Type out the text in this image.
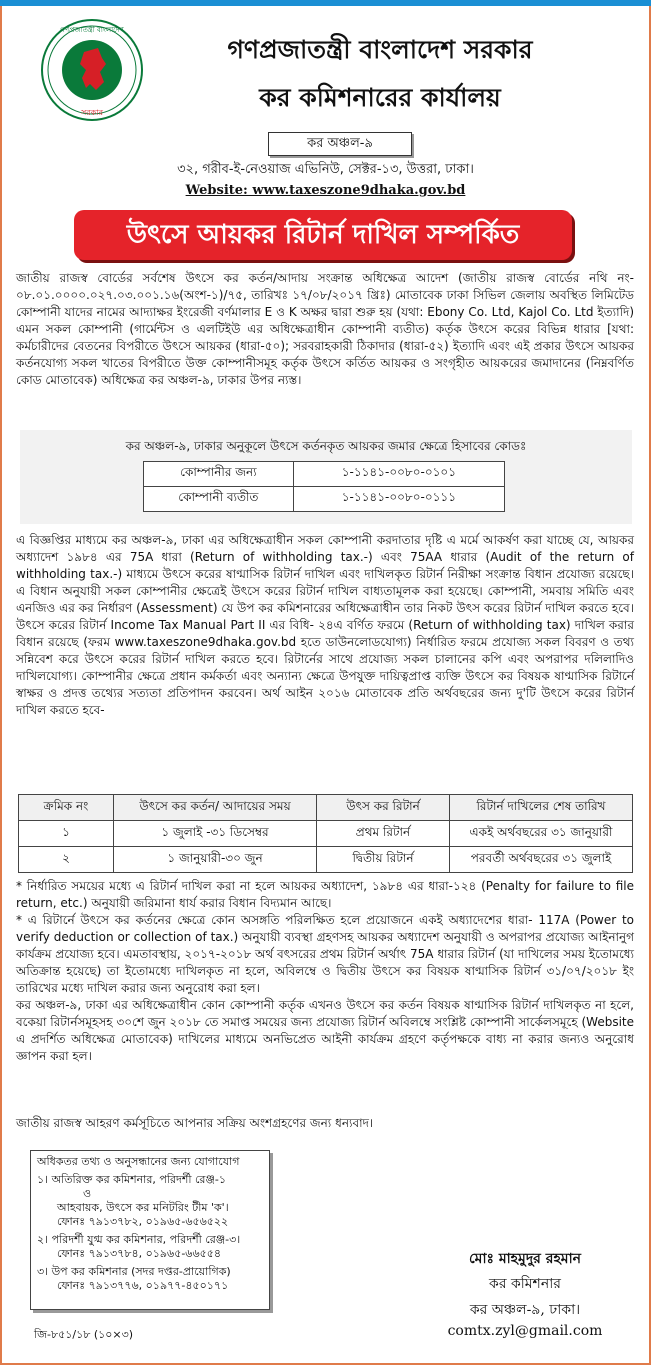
গণপ্রজাতন্ত্রী বাংলাদেশ
সরকার
গণপ্রজাতন্ত্রী বাংলাদেশ সরকার
কর কমিশনারের কার্যালয়
কর অঞ্চল-৯
৩২, গরীব-ই-নেওয়াজ এভিনিউ, সেক্টর-১৩, উত্তরা, ঢাকা।
Website: www.taxeszone9dhaka.gov.bd
উৎসে আয়কর রিটার্ন দাখিল সম্পর্কিত
জাতীয় রাজস্ব বোর্ডের সর্বশেষ উৎসে কর কর্তন/আদায় সংক্রান্ত অধিক্ষেত্র আদেশ (জাতীয় রাজস্ব বোর্ডের নথি নং- ০৮.০১.০০০০.০২৭.০৩.০০১.১৬(অংশ-১)/৭৫, তারিখঃ ১৭/০৮/২০১৭ খ্রিঃ) মোতাবেক ঢাকা সিভিল জেলায় অবস্থিত লিমিটেড কোম্পানী যাদের নামের আদ্যাক্ষর ইংরেজী বর্ণমালার E ও K অক্ষর দ্বারা শুরু হয় (যথা: Ebony Co. Ltd, Kajol Co. Ltd ইত্যাদি) এমন সকল কোম্পানী (গার্মেন্টস ও এলটিইউ এর অধিক্ষেত্রাধীন কোম্পানী ব্যতীত) কর্তৃক উৎসে করের বিভিন্ন ধারার [যথা: কর্মচারীদের বেতনের বিপরীতে উৎসে আয়কর (ধারা-৫০); সরবরাহকারী ঠিকাদার (ধারা-৫২) ইত্যাদি এবং এই প্রকার উৎসে আয়কর কর্তনযোগ্য সকল খাতের বিপরীতে উক্ত কোম্পানীসমূহ কর্তৃক উৎসে কর্তিত আয়কর ও সংগৃহীত আয়করের জমাদানের (নিম্নবর্ণিত কোড মোতাবেক) অধিক্ষেত্র কর অঞ্চল-৯, ঢাকার উপর ন্যস্ত।
কর অঞ্চল-৯, ঢাকার অনুকূলে উৎসে কর্তনকৃত আয়কর জমার ক্ষেত্রে হিসাবের কোডঃ
কোম্পানীর জন্য	১-১১৪১-০০৮০-০১০১
কোম্পানী ব্যতীত	১-১১৪১-০০৮০-০১১১
এ বিজ্ঞপ্তির মাধ্যমে কর অঞ্চল-৯, ঢাকা এর অধিক্ষেত্রাধীন সকল কোম্পানী করদাতার দৃষ্টি এ মর্মে আকর্ষণ করা যাচ্ছে যে, আয়কর অধ্যাদেশ ১৯৮৪ এর 75A ধারা (Return of withholding tax.-) এবং 75AA ধারার (Audit of the return of withholding tax.-) মাধ্যমে উৎসে করের ষাণ্মাসিক রিটার্ন দাখিল এবং দাখিলকৃত রিটার্ন নিরীক্ষা সংক্রান্ত বিধান প্রযোজ্য রয়েছে। এ বিধান অনুযায়ী সকল কোম্পানীর ক্ষেত্রেই উৎসে করের রিটার্ন দাখিল বাধ্যতামূলক করা হয়েছে। কোম্পানী, সমবায় সমিতি এবং এনজিও এর কর নির্ধারণ (Assessment) যে উপ কর কমিশনারের অধিক্ষেত্রাধীন তার নিকট উৎস করের রিটার্ন দাখিল করতে হবে। উৎসে করের রিটার্ন Income Tax Manual Part II এর বিধি- ২৪এ বর্ণিত ফরমে (Return of withholding tax) দাখিল করার বিধান রয়েছে (ফরম www.taxeszone9dhaka.gov.bd হতে ডাউনলোডযোগ্য) নির্ধারিত ফরমে প্রযোজ্য সকল বিবরণ ও তথ্য সন্নিবেশ করে উৎসে করের রিটার্ন দাখিল করতে হবে। রিটার্নের সাথে প্রযোজ্য সকল চালানের কপি এবং অপরাপর দলিলাদিও দাখিলযোগ্য। কোম্পানীর ক্ষেত্রে প্রধান কর্মকর্তা এবং অন্যান্য ক্ষেত্রে উপযুক্ত দায়িত্বপ্রাপ্ত ব্যক্তি উৎসে কর বিষয়ক ষাণ্মাসিক রিটার্নে স্বাক্ষর ও প্রদত্ত তথ্যের সত্যতা প্রতিপাদন করবেন। অর্থ আইন ২০১৬ মোতাবেক প্রতি অর্থবছরের জন্য দু'টি উৎসে করের রিটার্ন দাখিল করতে হবে-
ক্রমিক নং	উৎসে কর কর্তন/ আদায়ের সময়	উৎস কর রিটার্ন	রিটার্ন দাখিলের শেষ তারিখ
১	১ জুলাই -৩১ ডিসেম্বর	প্রথম রিটার্ন	একই অর্থবছরের ৩১ জানুয়ারী
২	১ জানুয়ারী-৩০ জুন	দ্বিতীয় রিটার্ন	পরবর্তী অর্থবছরের ৩১ জুলাই
* নির্ধারিত সময়ের মধ্যে এ রিটার্ন দাখিল করা না হলে আয়কর অধ্যাদেশ, ১৯৮৪ এর ধারা-১২৪ (Penalty for failure to file return, etc.) অনুযায়ী জরিমানা ধার্য করার বিধান বিদ্যমান আছে।
* এ রিটার্নে উৎসে কর কর্তনের ক্ষেত্রে কোন অসঙ্গতি পরিলক্ষিত হলে প্রয়োজনে একই অধ্যাদেশের ধারা- 117A (Power to verify deduction or collection of tax.) অনুযায়ী ব্যবস্থা গ্রহণসহ আয়কর অধ্যাদেশ অনুযায়ী ও অপরাপর প্রযোজ্য আইনানুগ কার্যক্রম প্রযোজ্য হবে। এমতাবস্থায়, ২০১৭-২০১৮ অর্থ বৎসরের প্রথম রিটার্ন অর্থাৎ 75A ধারার রিটার্ন (যা দাখিলের সময় ইতোমধ্যে অতিক্রান্ত হয়েছে) তা ইতোমধ্যে দাখিলকৃত না হলে, অবিলম্বে ও দ্বিতীয় উৎসে কর বিষয়ক ষাণ্মাসিক রিটার্ন ৩১/০৭/২০১৮ ইং তারিখের মধ্যে দাখিল করার জন্য অনুরোধ করা হল।
কর অঞ্চল-৯, ঢাকা এর অধিক্ষেত্রাধীন কোন কোম্পানী কর্তৃক এখনও উৎসে কর কর্তন বিষয়ক ষাণ্মাসিক রিটার্ন দাখিলকৃত না হলে, বকেয়া রিটার্নসমূহসহ ৩০শে জুন ২০১৮ তে সমাপ্ত সময়ের জন্য প্রযোজ্য রিটার্ন অবিলম্বে সংশ্লিষ্ট কোম্পানী সার্কেলসমূহে (Website এ প্রদর্শিত অধিক্ষেত্র মোতাবেক) দাখিলের মাধ্যমে অনভিপ্রেত আইনী কার্যক্রম গ্রহণে কর্তৃপক্ষকে বাধ্য না করার জন্যও অনুরোধ জ্ঞাপন করা হল।
জাতীয় রাজস্ব আহরণ কর্মসূচিতে আপনার সক্রিয় অংশগ্রহণের জন্য ধন্যবাদ।
অধিকতর তথ্য ও অনুসন্ধানের জন্য যোগাযোগ
১। অতিরিক্ত কর কমিশনার, পরিদর্শী রেঞ্জ-১
ও
আহবায়ক, উৎসে কর মনিটরিং টীম 'ক'।
ফোনঃ ৭৯১৩৭৮২, ০১৯৬৫-৬৫৬৫২২
২। পরিদর্শী যুগ্ম কর কমিশনার, পরিদর্শী রেঞ্জ-৩।
ফোনঃ ৭৯১৩৭৮৪, ০১৯৬৫-৬৬৫৫৪
৩। উপ কর কমিশনার (সদর দপ্তর-প্রায়োগিক)
ফোনঃ ৭৯১৩৭৭৬, ০১৯৭৭-৪৫০১৭১
মোঃ মাহমুদুর রহমান
কর কমিশনার
কর অঞ্চল-৯, ঢাকা।
comtx.zyl@gmail.com
জি-৮৫১/১৮ (১০×৩)
